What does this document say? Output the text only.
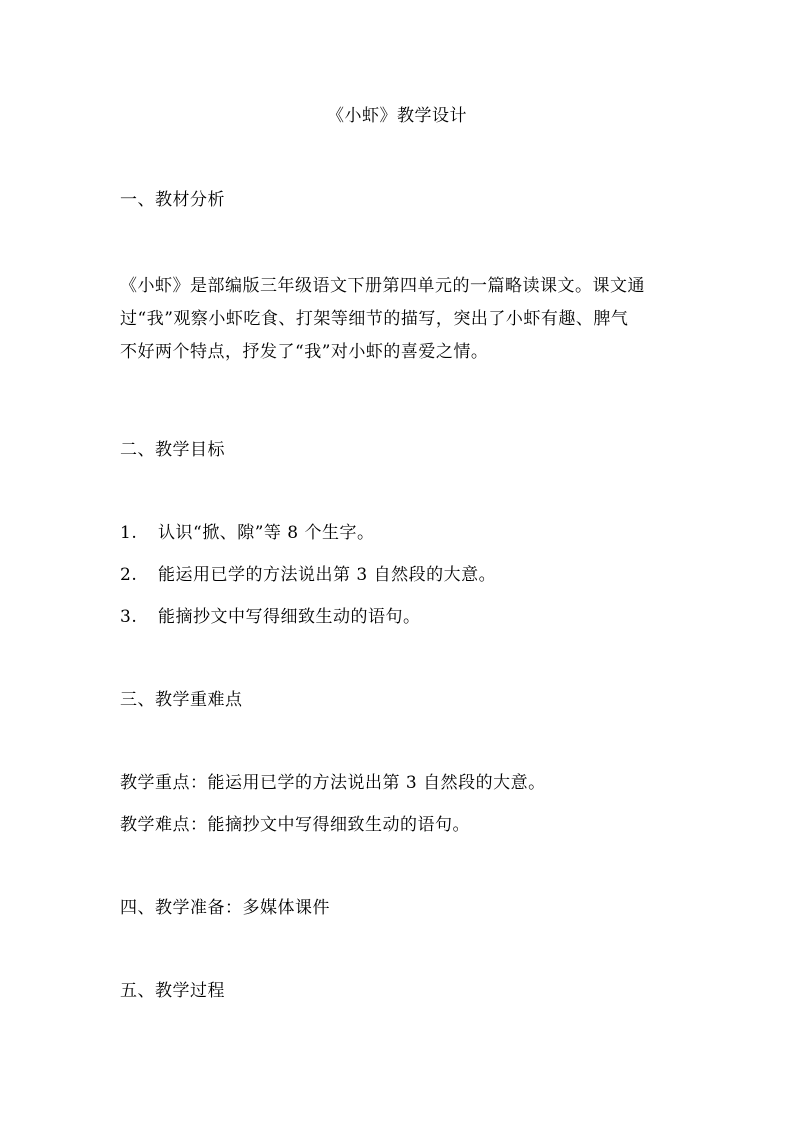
《小虾》教学设计
一、教材分析
《小虾》是部编版三年级语文下册第四单元的一篇略读课文。课文通
过“我”观察小虾吃食、打架等细节的描写，突出了小虾有趣、脾气
不好两个特点，抒发了“我”对小虾的喜爱之情。
二、教学目标
1. 认识“掀、隙”等 8 个生字。
2. 能运用已学的方法说出第 3 自然段的大意。
3. 能摘抄文中写得细致生动的语句。
三、教学重难点
教学重点：能运用已学的方法说出第 3 自然段的大意。
教学难点：能摘抄文中写得细致生动的语句。
四、教学准备：多媒体课件
五、教学过程
